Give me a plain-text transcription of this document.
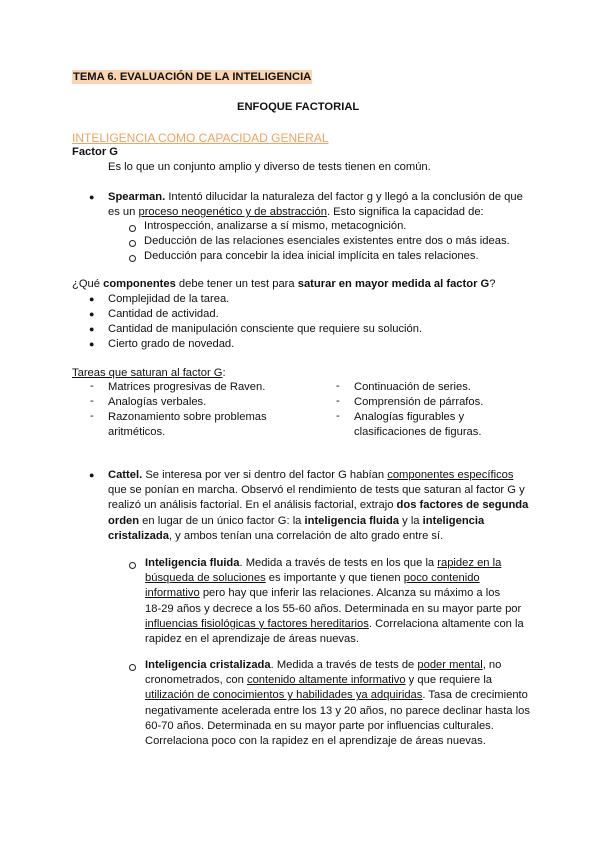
TEMA 6. EVALUACIÓN DE LA INTELIGENCIA
ENFOQUE FACTORIAL
INTELIGENCIA COMO CAPACIDAD GENERAL
Factor G
Es lo que un conjunto amplio y diverso de tests tienen en común.
● Spearman. Intentó dilucidar la naturaleza del factor g y llegó a la conclusión de que
es un proceso neogenético y de abstracción. Esto significa la capacidad de:
Introspección, analizarse a sí mismo, metacognición.
Deducción de las relaciones esenciales existentes entre dos o más ideas.
Deducción para concebir la idea inicial implícita en tales relaciones.
¿Qué componentes debe tener un test para saturar en mayor medida al factor G?
● Complejidad de la tarea.
● Cantidad de actividad.
● Cantidad de manipulación consciente que requiere su solución.
● Cierto grado de novedad.
Tareas que saturan al factor G:
- Matrices progresivas de Raven.
- Analogías verbales.
- Razonamiento sobre problemas
aritméticos.
- Continuación de series.
- Comprensión de párrafos.
- Analogías figurables y
clasificaciones de figuras.
● Cattel. Se interesa por ver si dentro del factor G habían componentes específicos
que se ponían en marcha. Observó el rendimiento de tests que saturan al factor G y
realizó un análisis factorial. En el análisis factorial, extrajo dos factores de segunda
orden en lugar de un único factor G: la inteligencia fluida y la inteligencia
cristalizada, y ambos tenían una correlación de alto grado entre sí.
Inteligencia fluida. Medida a través de tests en los que la rapidez en la
búsqueda de soluciones es importante y que tienen poco contenido
informativo pero hay que inferir las relaciones. Alcanza su máximo a los
18-29 años y decrece a los 55-60 años. Determinada en su mayor parte por
influencias fisiológicas y factores hereditarios. Correlaciona altamente con la
rapidez en el aprendizaje de áreas nuevas.
Inteligencia cristalizada. Medida a través de tests de poder mental, no
cronometrados, con contenido altamente informativo y que requiere la
utilización de conocimientos y habilidades ya adquiridas. Tasa de crecimiento
negativamente acelerada entre los 13 y 20 años, no parece declinar hasta los
60-70 años. Determinada en su mayor parte por influencias culturales.
Correlaciona poco con la rapidez en el aprendizaje de áreas nuevas.
